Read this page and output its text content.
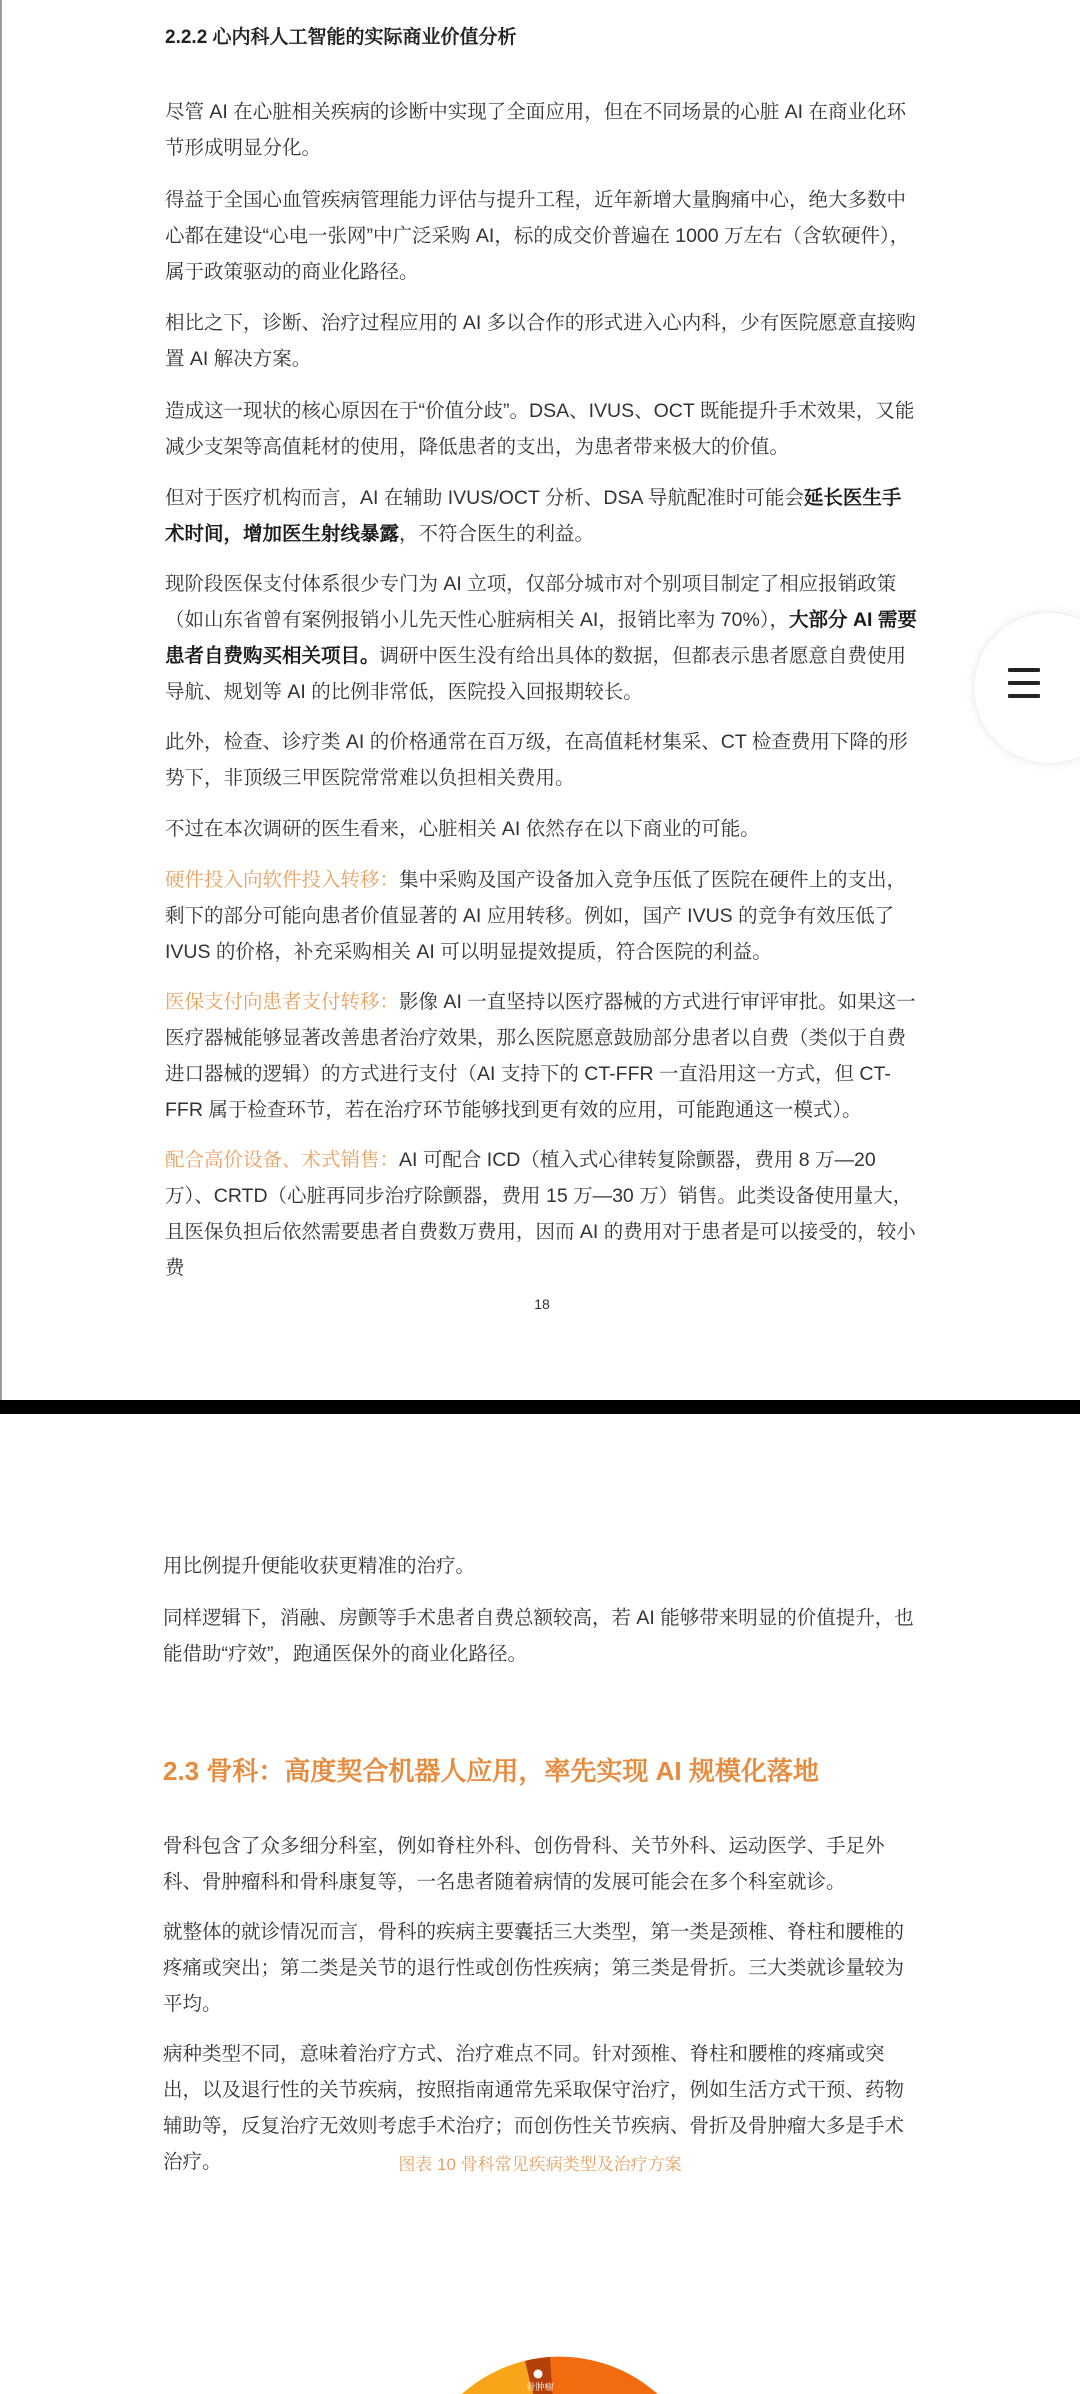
2.2.2 心内科人工智能的实际商业价值分析

尽管 AI 在心脏相关疾病的诊断中实现了全面应用，但在不同场景的心脏 AI 在商业化环节形成明显分化。

得益于全国心血管疾病管理能力评估与提升工程，近年新增大量胸痛中心，绝大多数中心都在建设“心电一张网”中广泛采购 AI，标的成交价普遍在 1000 万左右（含软硬件），属于政策驱动的商业化路径。

相比之下，诊断、治疗过程应用的 AI 多以合作的形式进入心内科，少有医院愿意直接购置 AI 解决方案。

造成这一现状的核心原因在于“价值分歧”。DSA、IVUS、OCT 既能提升手术效果，又能减少支架等高值耗材的使用，降低患者的支出，为患者带来极大的价值。

但对于医疗机构而言，AI 在辅助 IVUS/OCT 分析、DSA 导航配准时可能会延长医生手术时间，增加医生射线暴露，不符合医生的利益。

现阶段医保支付体系很少专门为 AI 立项，仅部分城市对个别项目制定了相应报销政策（如山东省曾有案例报销小儿先天性心脏病相关 AI，报销比率为 70%），大部分 AI 需要患者自费购买相关项目。调研中医生没有给出具体的数据，但都表示患者愿意自费使用导航、规划等 AI 的比例非常低，医院投入回报期较长。

此外，检查、诊疗类 AI 的价格通常在百万级，在高值耗材集采、CT 检查费用下降的形势下，非顶级三甲医院常常难以负担相关费用。

不过在本次调研的医生看来，心脏相关 AI 依然存在以下商业的可能。

硬件投入向软件投入转移：集中采购及国产设备加入竞争压低了医院在硬件上的支出，剩下的部分可能向患者价值显著的 AI 应用转移。例如，国产 IVUS 的竞争有效压低了 IVUS 的价格，补充采购相关 AI 可以明显提效提质，符合医院的利益。

医保支付向患者支付转移：影像 AI 一直坚持以医疗器械的方式进行审评审批。如果这一医疗器械能够显著改善患者治疗效果，那么医院愿意鼓励部分患者以自费（类似于自费进口器械的逻辑）的方式进行支付（AI 支持下的 CT-FFR 一直沿用这一方式，但 CT-FFR 属于检查环节，若在治疗环节能够找到更有效的应用，可能跑通这一模式）。

配合高价设备、术式销售：AI 可配合 ICD（植入式心律转复除颤器，费用 8 万—20 万）、CRTD（心脏再同步治疗除颤器，费用 15 万—30 万）销售。此类设备使用量大，且医保负担后依然需要患者自费数万费用，因而 AI 的费用对于患者是可以接受的，较小费

18

用比例提升便能收获更精准的治疗。

同样逻辑下，消融、房颤等手术患者自费总额较高，若 AI 能够带来明显的价值提升，也能借助“疗效”，跑通医保外的商业化路径。

2.3 骨科：高度契合机器人应用，率先实现 AI 规模化落地

骨科包含了众多细分科室，例如脊柱外科、创伤骨科、关节外科、运动医学、手足外科、骨肿瘤科和骨科康复等，一名患者随着病情的发展可能会在多个科室就诊。

就整体的就诊情况而言，骨科的疾病主要囊括三大类型，第一类是颈椎、脊柱和腰椎的疼痛或突出；第二类是关节的退行性或创伤性疾病；第三类是骨折。三大类就诊量较为平均。

病种类型不同，意味着治疗方式、治疗难点不同。针对颈椎、脊柱和腰椎的疼痛或突出，以及退行性的关节疾病，按照指南通常先采取保守治疗，例如生活方式干预、药物辅助等，反复治疗无效则考虑手术治疗；而创伤性关节疾病、骨折及骨肿瘤大多是手术治疗。	图表 10 骨科常见疾病类型及治疗方案
骨肿瘤
